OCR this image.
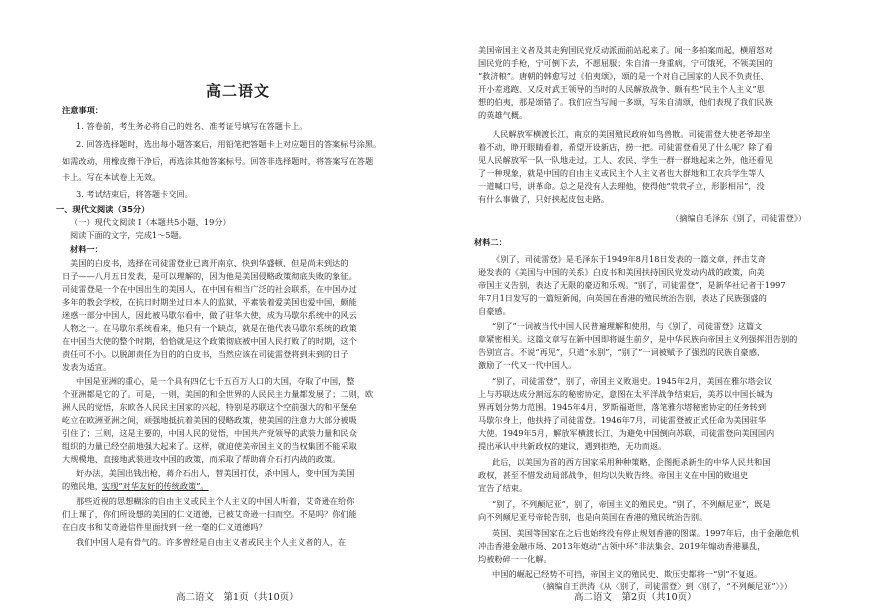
高二语文
注意事项：
1. 答卷前，考生务必将自己的姓名、准考证号填写在答题卡上。
2. 回答选择题时，选出每小题答案后，用铅笔把答题卡上对应题目的答案标号涂黑。
如需改动，用橡皮擦干净后，再选涂其他答案标号。回答非选择题时，将答案写在答题
卡上。写在本试卷上无效。
3. 考试结束后，将答题卡交回。
一、现代文阅读（35分）
（一）现代文阅读 I（本题共5小题，19分）
阅读下面的文字，完成1～5题。
材料一：
美国的白皮书，选择在司徒雷登业已离开南京、快到华盛顿、但是尚未到达的
日子——八月五日发表，是可以理解的，因为他是美国侵略政策彻底失败的象征。
司徒雷登是一个在中国出生的美国人，在中国有相当广泛的社会联系，在中国办过
多年的教会学校，在抗日时期坐过日本人的监狱，平素装着爱美国也爱中国，颇能
迷惑一部分中国人，因此被马歇尔看中，做了驻华大使，成为马歇尔系统中的风云
人物之一。在马歇尔系统看来，他只有一个缺点，就是在他代表马歇尔系统的政策
在中国当大使的整个时期，恰恰就是这个政策彻底被中国人民打败了的时期，这个
责任可不小。以脱卸责任为目的的白皮书，当然应该在司徒雷登将到未到的日子
发表为适宜。
中国是亚洲的重心，是一个具有四亿七千五百万人口的大国，夺取了中国，整
个亚洲都是它的了。可是，一则，美国的和全世界的人民民主力量都发展了；二则，欧
洲人民的觉悟，东欧各人民民主国家的兴起，特别是苏联这个空前强大的和平堡垒
屹立在欧洲亚洲之间，顽强地抵抗着美国的侵略政策，使美国的注意力大部分被吸
引住了；三则，这是主要的，中国人民的觉悟，中国共产党领导的武装力量和民众
组织的力量已经空前地强大起来了。这样，就迫使美帝国主义的当权集团不能采取
大规模地、直接地武装进攻中国的政策，而采取了帮助蒋介石打内战的政策。
好办法，美国出钱出枪，蒋介石出人，替美国打仗，杀中国人，变中国为美国
的殖民地，
那些近视的思想糊涂的自由主义或民主个人主义的中国人听着，艾奇逊在给你
们上课了，你们所设想的美国的仁义道德，已被艾奇逊一扫而空。不是吗？你们能
在白皮书和艾奇逊信件里面找到一丝一毫的仁义道德吗？
我们中国人是有骨气的。许多曾经是自由主义者或民主个人主义者的人，在
实现“对华友好的传统政策”。
高二语文　第1页（共10页）
美国帝国主义者及其走狗国民党反动派面前站起来了。闻一多拍案而起，横眉怒对
国民党的手枪，宁可倒下去，不愿屈服；朱自清一身重病，宁可饿死，不领美国的
“救济粮”。唐朝的韩愈写过《伯夷颂》，颂的是一个对自己国家的人民不负责任、
开小差逃跑、又反对武王领导的当时的人民解放战争、颇有些“民主个人主义”思
想的伯夷，那是颂错了。我们应当写闻一多颂，写朱自清颂，他们表现了我们民族
的英雄气概。
人民解放军横渡长江，南京的美国殖民政府如鸟兽散。司徒雷登大使老爷却坐
着不动，睁开眼睛看着，希望开设新店，捞一把。司徒雷登看见了什么呢？除了看
见人民解放军一队一队地走过，工人、农民、学生一群一群地起来之外，他还看见
了一种现象，就是中国的自由主义或民主个人主义者也大群地和工农兵学生等人
一道喊口号，讲革命。总之是没有人去理他，使得他“茕茕孑立，形影相吊”，没
有什么事做了，只好挟起皮包走路。
（摘编自毛泽东《别了，司徒雷登》）
材料二：
《别了，司徒雷登》是毛泽东于1949年8月18日发表的一篇文章，抨击艾奇
逊发表的《美国与中国的关系》白皮书和美国扶持国民党发动内战的政策，向美
帝国主义告别，表达了无限的豪迈和乐观。“别了，司徒雷登”，是新华社记者于1997
年7月1日发写的一篇短新闻，向英国在香港的殖民统治告别，表达了民族强盛的
自豪感。
“别了”一词被当代中国人民普遍理解和使用，与《别了，司徒雷登》这篇文
章紧密相关。这篇文章写在新中国即将诞生前夕，是中华民族向帝国主义列强挥泪告别的
告别宣言。不说“再见”，只道“永别”，“别了”一词被赋予了强烈的民族自豪感，
激励了一代又一代中国人。
“别了，司徒雷登”，别了，帝国主义败退史。1945年2月，美国在雅尔塔会议
上与苏联达成分割远东的秘密协定，意图在太平洋战争结束后，美苏以中国长城为
界再划分势力范围。1945年4月，罗斯福逝世，落笔雅尔塔秘密协定的任务转到
马歇尔身上，他扶持了司徒雷登。1946年7月，司徒雷登被正式任命为美国驻华
大使。1949年5月，解放军横渡长江，为避免中国倒向苏联，司徒雷登向美国国内
提出承认中共新政权的建议，遇到拒绝，无功而返。
此后，以美国为首的西方国家采用种种策略，企图扼杀新生的中华人民共和国
政权，甚至不惜发动局部战争，但均以失败告终。帝国主义在中国的败退史
宣告了结束。
“别了，不列颠尼亚”，别了，帝国主义的殖民史。“别了，不列颠尼亚”，既是
向不列颠尼亚号帝轮告别，也是向英国在香港的殖民统治告别。
英国、美国等国家在之后也始终没有停止规划香港的图谋。1997年后，由于金融危机
冲击香港金融市场、2013年炮动“占领中环”非法集会、2019年煽动香港暴乱，
均被粉碎一一化解。
中国的崛起已经势不可挡，帝国主义的殖民史、欺压史都将一“别”不复返。
（摘编自王洪涛《从〈别了，司徒雷登〉到〈别了，“不列颠尼亚”〉》）
高二语文　第2页（共10页）
